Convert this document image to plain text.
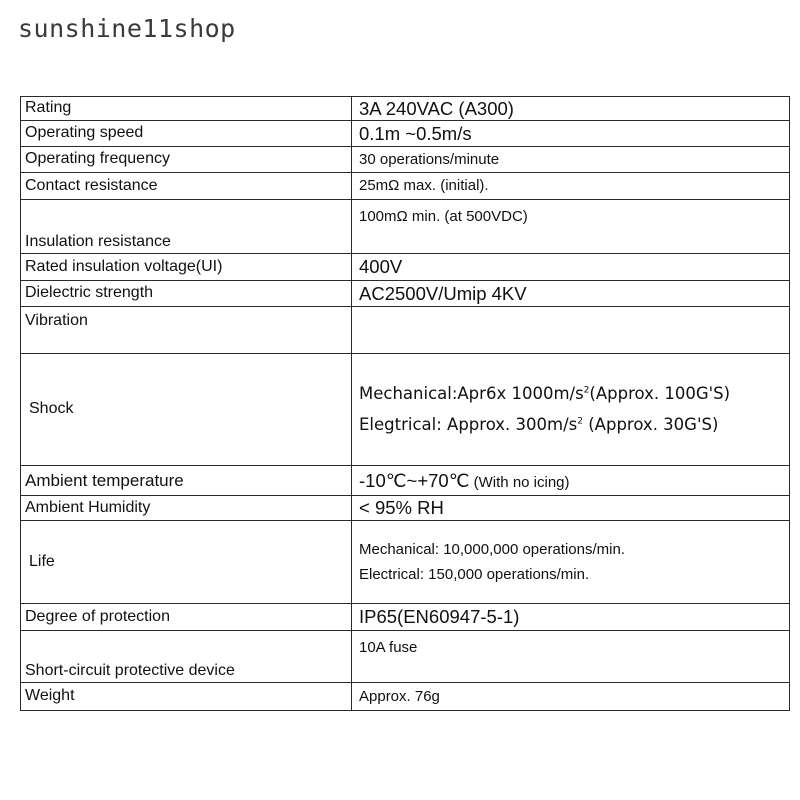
sunshine11shop
Rating	3A 240VAC (A300)
Operating speed	0.1m ~0.5m/s
Operating frequency	30 operations/minute
Contact resistance	25mΩ max. (initial).
Insulation resistance	100mΩ min. (at 500VDC)
Rated insulation voltage(UI)	400V
Dielectric strength	AC2500V/Umip 4KV
Vibration	
Shock	Mechanical:Apr6x $1000m/s^2(Approx$. 100G'S)
Elegtrical: Approx. $300m/s^2$ (Approx. 30G'S)

Ambient temperature	-10℃~+70℃ (With no icing)
Ambient Humidity	< 95% RH
Life	Mechanical: 10,000,000 operations/min.
Electrical: 150,000 operations/min.

Degree of protection	IP65(EN60947-5-1)
Short-circuit protective device	10A fuse
Weight	Approx. 76g
